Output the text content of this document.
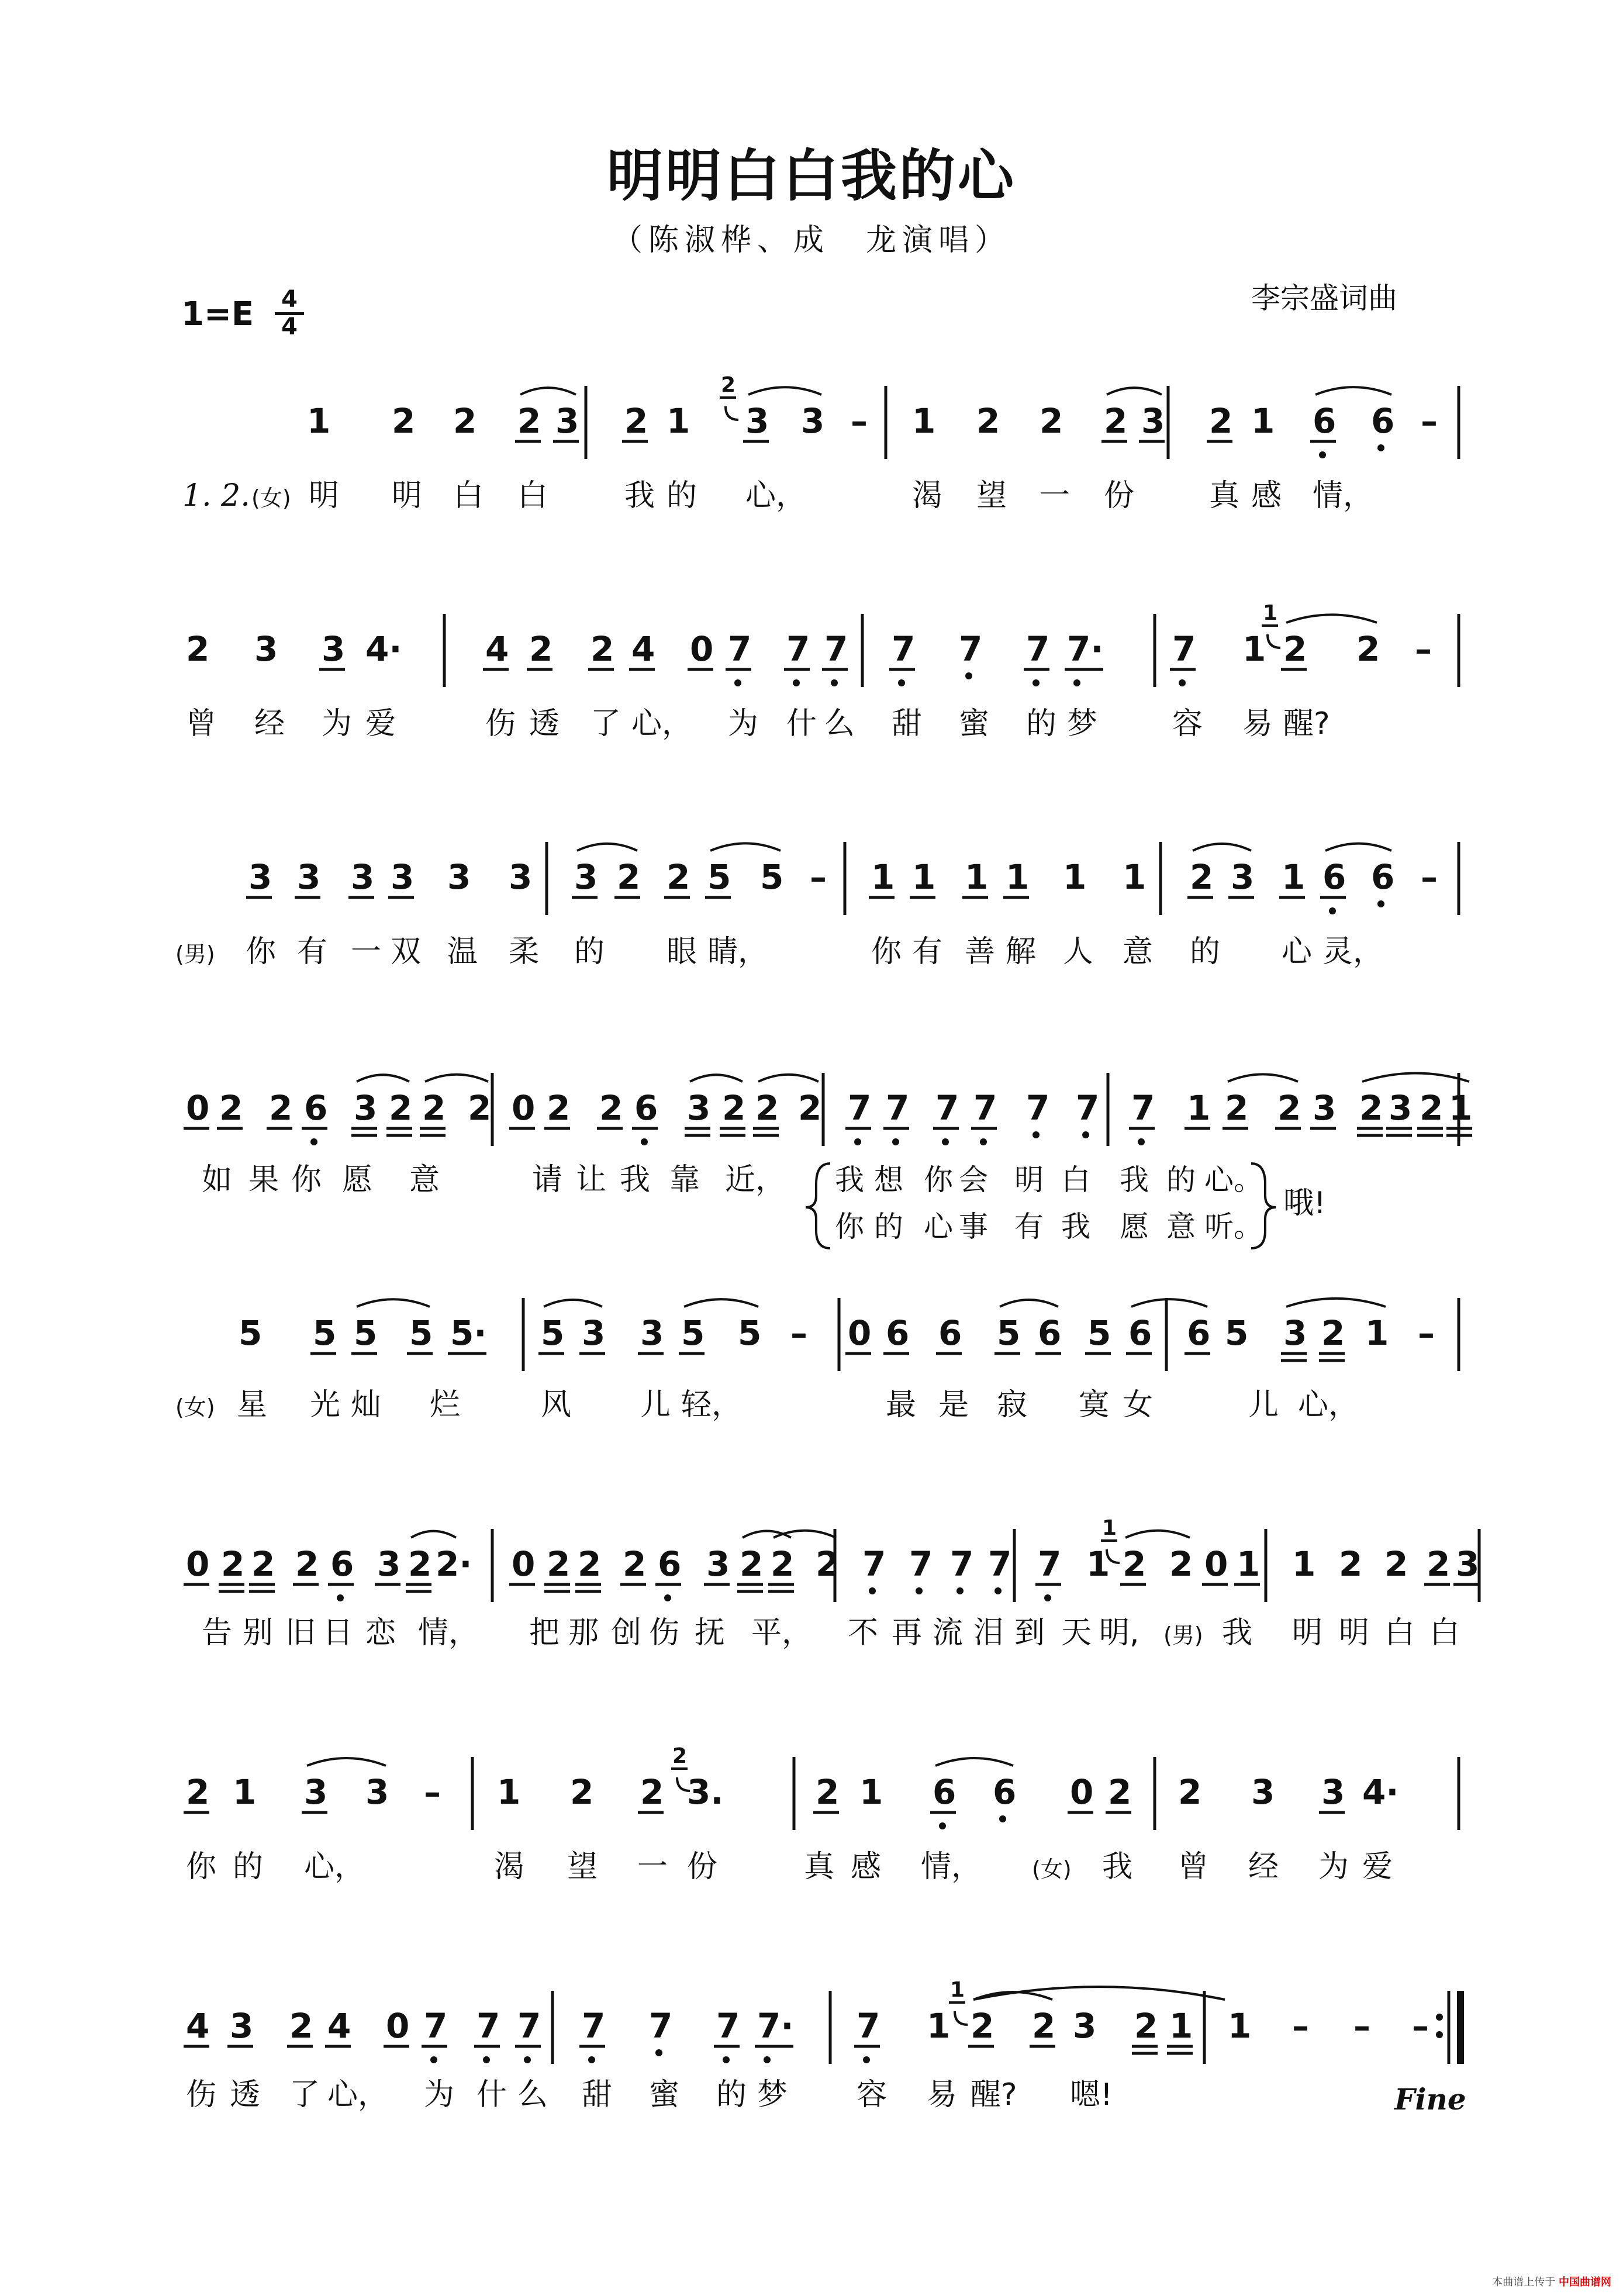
明明白白我的心
（陈淑桦、成　龙演唱）
李宗盛词曲
1=E 4
4
1 2 2 2 3 2 1 3 3 – 1 2 2 2 3 2 1 6 6 –
2
1. 2. (女) 明 明 白 白	我 的 心，	渴 望 一 份 真 感 情，
2 3 3 4· 4 2 2 4 0 7 7 7 7 7 7 7· 7 1 2 2 –
1
曾 经 为 爱	伤 透 了 心， 为 什 么 甜 蜜 的 梦 容 易 醒?
3 3 3 3 3 3 3 2 2 5 5 – 1 1 1 1 1 1 2 3 1 6 6 –
(男) 你 有 一 双 温 柔 的 眼 睛，	你 有 善 解 人 意 的 心 灵，
0 2 2 6 3 2 2 2 0 2 2 6 3 2 2 2 7 7 7 7 7 7 7 1 2 2 3 2 3 2 1
如 果 你 愿 意	请 让 我 靠 近， 我 想 你 会 明 白 我 的 心。
你 的 心 事 有 我 愿 意 听。
哦!
5 5 5 5 5· 5 3 3 5 5 – 0 6 6 5 6 5 6 6 5 3 2 1 –
(女) 星 光 灿 烂	风 儿 轻，	最 是 寂 寞 女	儿 心，
0 2 2 2 6 3 2 2· 0 2 2 2 6 3 2 2 2 7 7 7 7 7 1 2 2 0 1 1 2 2 2 3
1
告 别 旧 日 恋 情， 把 那 创 伤 抚 平， 不 再 流 泪 到 天 明, (男) 我 明 明 白 白
2 1 3 3 – 1 2 2 3.	2 1 6 6 0 2 2 3 3 4·
2
你 的 心，	渴 望 一 份	真 感 情， (女) 我 曾 经 为 爱
4 3 2 4 0 7 7 7 7 7 7 7· 7 1 2 2 3 2 1 1 – – –
1
伤 透 了 心， 为 什 么 甜 蜜 的 梦 容 易 醒? 嗯!	Fine
本曲谱上传于 中国曲谱网
